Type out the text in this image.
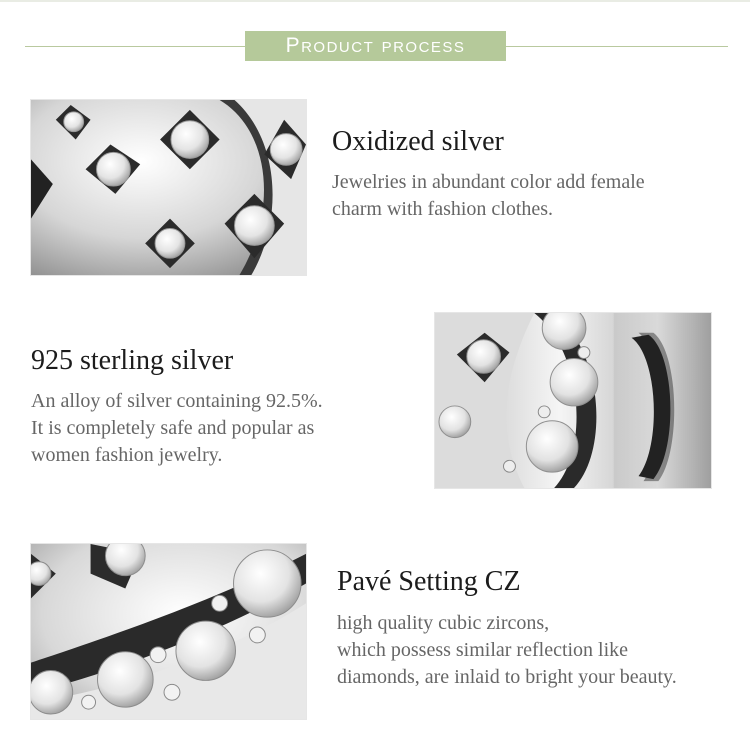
Product process
Oxidized silver
Jewelries in abundant color add female
charm with fashion clothes.
925 sterling silver
An alloy of silver containing 92.5%.
It is completely safe and popular as
women fashion jewelry.
Pavé Setting CZ
high quality cubic zircons,
which possess similar reflection like
diamonds, are inlaid to bright your beauty.
